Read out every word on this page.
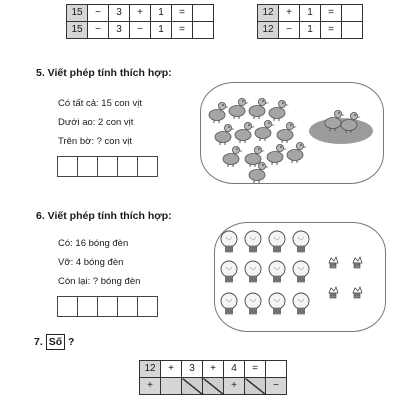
15	−	3	+	1	=	
15	−	3	−	1	=	
12	+	1	=	
12	−	1	=	
5. Viết phép tính thích hợp:
Có tất cả: 15 con vịt
Dưới ao: 2 con vịt
Trên bờ: ? con vịt

6. Viết phép tính thích hợp:
Có: 16 bóng đèn
Vỡ: 4 bóng đèn
Còn lại: ? bóng đèn

7. Số ?
12	+	3	+	4	=	
+				+		−
